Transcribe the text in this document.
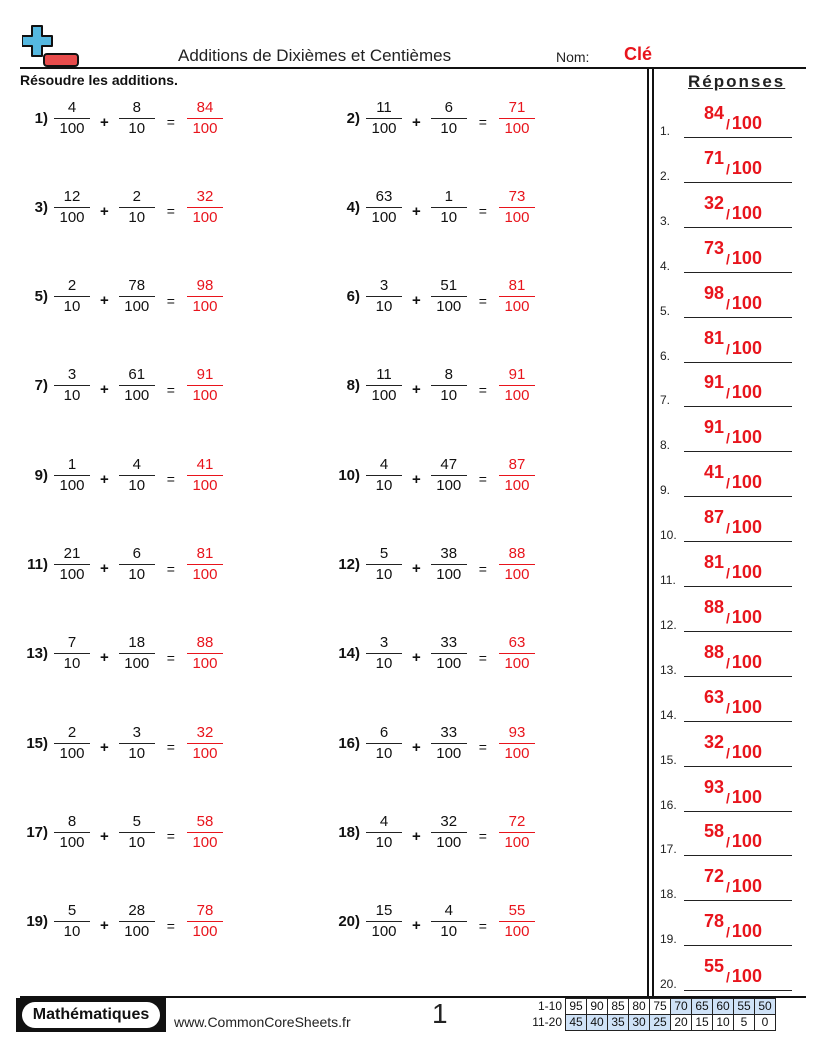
Additions de Dixièmes et Centièmes	Nom: Clé
Résoudre les additions.	Réponses
$1) \frac{4}{100} + \frac{8}{10} = \frac{84}{100}$	$2) \frac{11}{100} + \frac{6}{10} = \frac{71}{100}$
$3) \frac{12}{100} + \frac{2}{10} = \frac{32}{100}$	$4) \frac{63}{100} + \frac{1}{10} = \frac{73}{100}$
$5) \frac{2}{10} + \frac{78}{100} = \frac{98}{100}$	$6) \frac{3}{10} + \frac{51}{100} = \frac{81}{100}$
$7) \frac{3}{10} + \frac{61}{100} = \frac{91}{100}$	$8) \frac{11}{100} + \frac{8}{10} = \frac{91}{100}$
$9) \frac{1}{100} + \frac{4}{10} = \frac{41}{100}$	$10) \frac{4}{10} + \frac{47}{100} = \frac{87}{100}$
$11) \frac{21}{100} + \frac{6}{10} = \frac{81}{100}$	$12) \frac{5}{10} + \frac{38}{100} = \frac{88}{100}$
$13) \frac{7}{10} + \frac{18}{100} = \frac{88}{100}$	$14) \frac{3}{10} + \frac{33}{100} = \frac{63}{100}$
$15) \frac{2}{100} + \frac{3}{10} = \frac{32}{100}$	$16) \frac{6}{10} + \frac{33}{100} = \frac{93}{100}$
$17) \frac{8}{100} + \frac{5}{10} = \frac{58}{100}$	$18) \frac{4}{10} + \frac{32}{100} = \frac{72}{100}$
$19) \frac{5}{10} + \frac{28}{100} = \frac{78}{100}$	$20) \frac{15}{100} + \frac{4}{10} = \frac{55}{100}$
1.
84/ 100
2.
71/ 100
3.
32/ 100
4.
73/ 100
5.
98/ 100
6.
81/ 100
7.
91/ 100
8.
91/ 100
9.
41/ 100
10.
87/ 100
11.
81/ 100
12.
88/ 100
13.
88/ 100
14.
63/ 100
15.
32/ 100
16.
93/ 100
17.
58/ 100
18.
72/ 100
19.
78/ 100
20.
55/ 100
Mathématiques	www.CommonCoreSheets.fr	1	1-10	95	90	85	80	75	70	65	60	55	50
11-20	45	40	35	30	25	20	15	10	5	0
